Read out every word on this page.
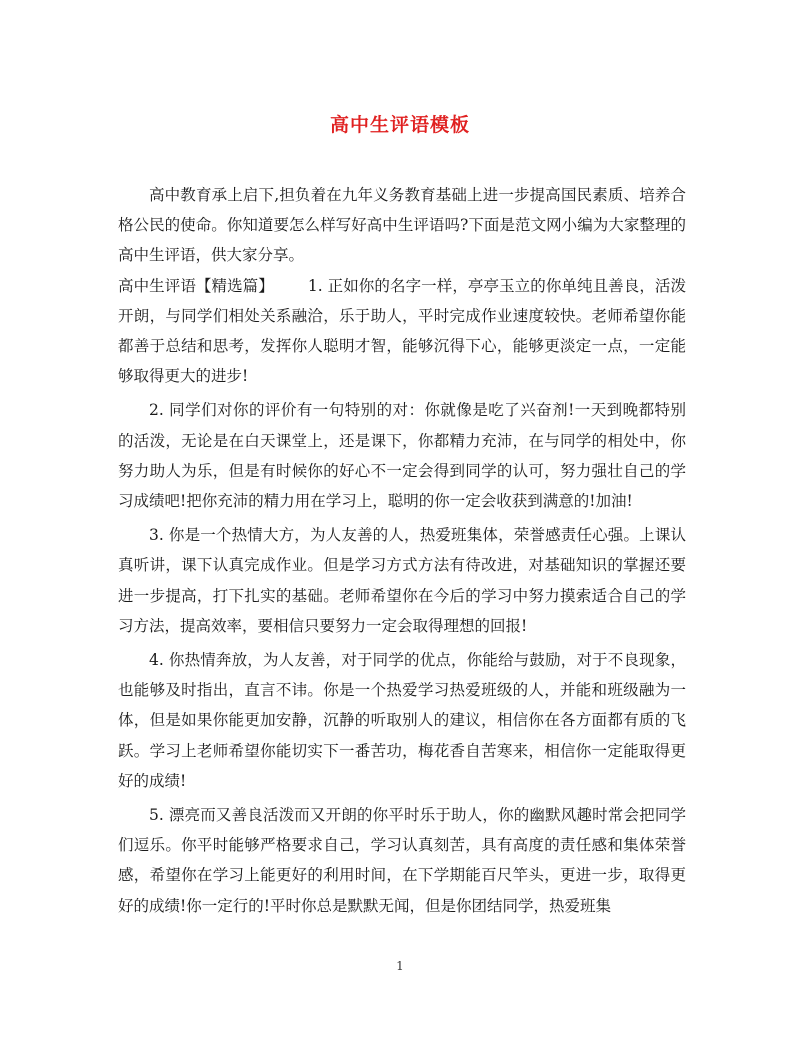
高中生评语模板

高中教育承上启下,担负着在九年义务教育基础上进一步提高国民素质、培养合格公民的使命。你知道要怎么样写好高中生评语吗?下面是范文网小编为大家整理的高中生评语，供大家分享。

高中生评语【精选篇】 1. 正如你的名字一样，亭亭玉立的你单纯且善良，活泼开朗，与同学们相处关系融洽，乐于助人，平时完成作业速度较快。老师希望你能都善于总结和思考，发挥你人聪明才智，能够沉得下心，能够更淡定一点，一定能够取得更大的进步!

2. 同学们对你的评价有一句特别的对：你就像是吃了兴奋剂!一天到晚都特别的活泼，无论是在白天课堂上，还是课下，你都精力充沛，在与同学的相处中，你努力助人为乐，但是有时候你的好心不一定会得到同学的认可，努力强壮自己的学习成绩吧!把你充沛的精力用在学习上，聪明的你一定会收获到满意的!加油!

3. 你是一个热情大方，为人友善的人，热爱班集体，荣誉感责任心强。上课认真听讲，课下认真完成作业。但是学习方式方法有待改进，对基础知识的掌握还要进一步提高，打下扎实的基础。老师希望你在今后的学习中努力摸索适合自己的学习方法，提高效率，要相信只要努力一定会取得理想的回报!

4. 你热情奔放，为人友善，对于同学的优点，你能给与鼓励，对于不良现象，也能够及时指出，直言不讳。你是一个热爱学习热爱班级的人，并能和班级融为一体，但是如果你能更加安静，沉静的听取别人的建议，相信你在各方面都有质的飞跃。学习上老师希望你能切实下一番苦功，梅花香自苦寒来，相信你一定能取得更好的成绩!

5. 漂亮而又善良活泼而又开朗的你平时乐于助人，你的幽默风趣时常会把同学们逗乐。你平时能够严格要求自己，学习认真刻苦，具有高度的责任感和集体荣誉感，希望你在学习上能更好的利用时间，在下学期能百尺竿头，更进一步，取得更好的成绩!你一定行的!平时你总是默默无闻，但是你团结同学，热爱班集

1
